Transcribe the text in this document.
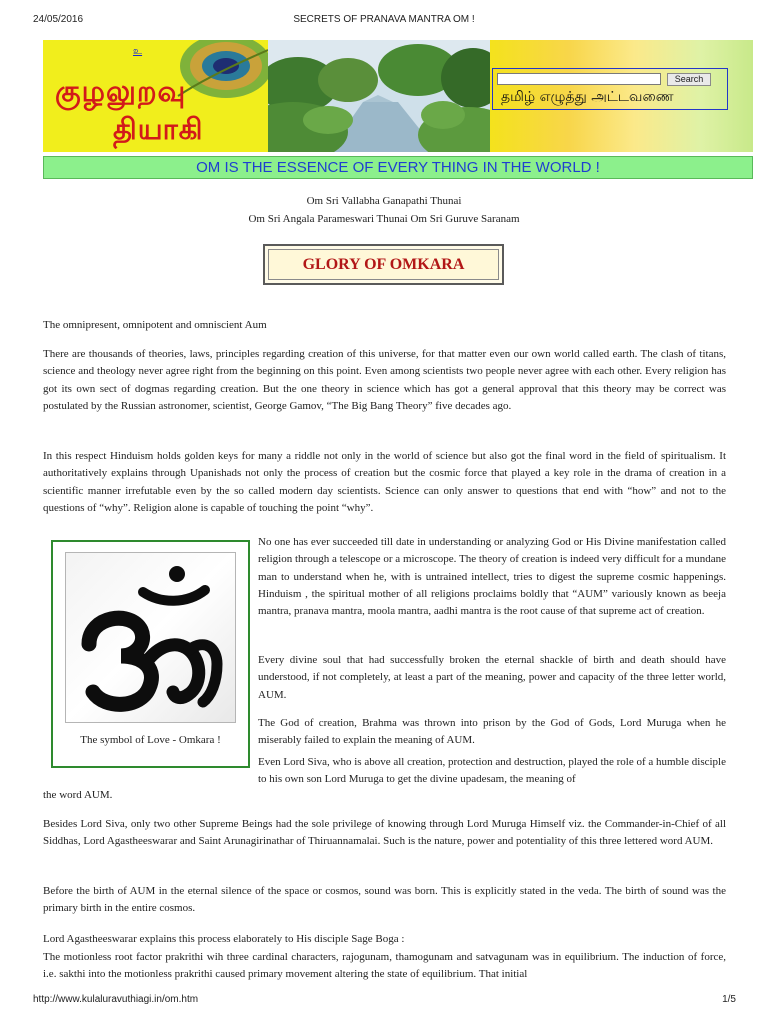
24/05/2016	SECRETS OF PRANAVA MANTRA OM !
உ
குழலுறவு
தியாகி
Search
தமிழ் எழுத்து அட்டவணை
OM IS THE ESSENCE OF EVERY THING IN THE WORLD !
Om Sri Vallabha Ganapathi Thunai
Om Sri Angala Parameswari Thunai Om Sri Guruve Saranam
GLORY OF OMKARA

The omnipresent, omnipotent and omniscient Aum

There are thousands of theories, laws, principles regarding creation of this universe, for that matter even our own world called earth. The clash of titans, science and theology never agree right from the beginning on this point. Even among scientists two people never agree with each other. Every religion has got its own sect of dogmas regarding creation. But the one theory in science which has got a general approval that this theory may be correct was postulated by the Russian astronomer, scientist, George Gamov, “The Big Bang Theory” five decades ago.

In this respect Hinduism holds golden keys for many a riddle not only in the world of science but also got the final word in the field of spiritualism. It authoritatively explains through Upanishads not only the process of creation but the cosmic force that played a key role in the drama of creation in a scientific manner irrefutable even by the so called modern day scientists. Science can only answer to questions that end with “how” and not to the questions of “why”. Religion alone is capable of touching the point “why”.

The symbol of Love - Omkara !

No one has ever succeeded till date in understanding or analyzing God or His Divine manifestation called religion through a telescope or a microscope. The theory of creation is indeed very difficult for a mundane man to understand when he, with is untrained intellect, tries to digest the supreme cosmic happenings. Hinduism , the spiritual mother of all religions proclaims boldly that “AUM” variously known as beeja mantra, pranava mantra, moola mantra, aadhi mantra is the root cause of that supreme act of creation.

Every divine soul that had successfully broken the eternal shackle of birth and death should have understood, if not completely, at least a part of the meaning, power and capacity of the three letter world, AUM.

The God of creation, Brahma was thrown into prison by the God of Gods, Lord Muruga when he miserably failed to explain the meaning of AUM.

Even Lord Siva, who is above all creation, protection and destruction, played the role of a humble disciple to his own son Lord Muruga to get the divine upadesam, the meaning of

the word AUM.

Besides Lord Siva, only two other Supreme Beings had the sole privilege of knowing through Lord Muruga Himself viz. the Commander-in-Chief of all Siddhas, Lord Agastheeswarar and Saint Arunagirinathar of Thiruannamalai. Such is the nature, power and potentiality of this three lettered word AUM.

Before the birth of AUM in the eternal silence of the space or cosmos, sound was born. This is explicitly stated in the veda. The birth of sound was the primary birth in the entire cosmos.

Lord Agastheeswarar explains this process elaborately to His disciple Sage Boga :

The motionless root factor prakrithi wih three cardinal characters, rajogunam, thamogunam and satvagunam was in equilibrium. The induction of force, i.e. sakthi into the motionless prakrithi caused primary movement altering the state of equilibrium. That initial

http://www.kulaluravuthiagi.in/om.htm	1/5
